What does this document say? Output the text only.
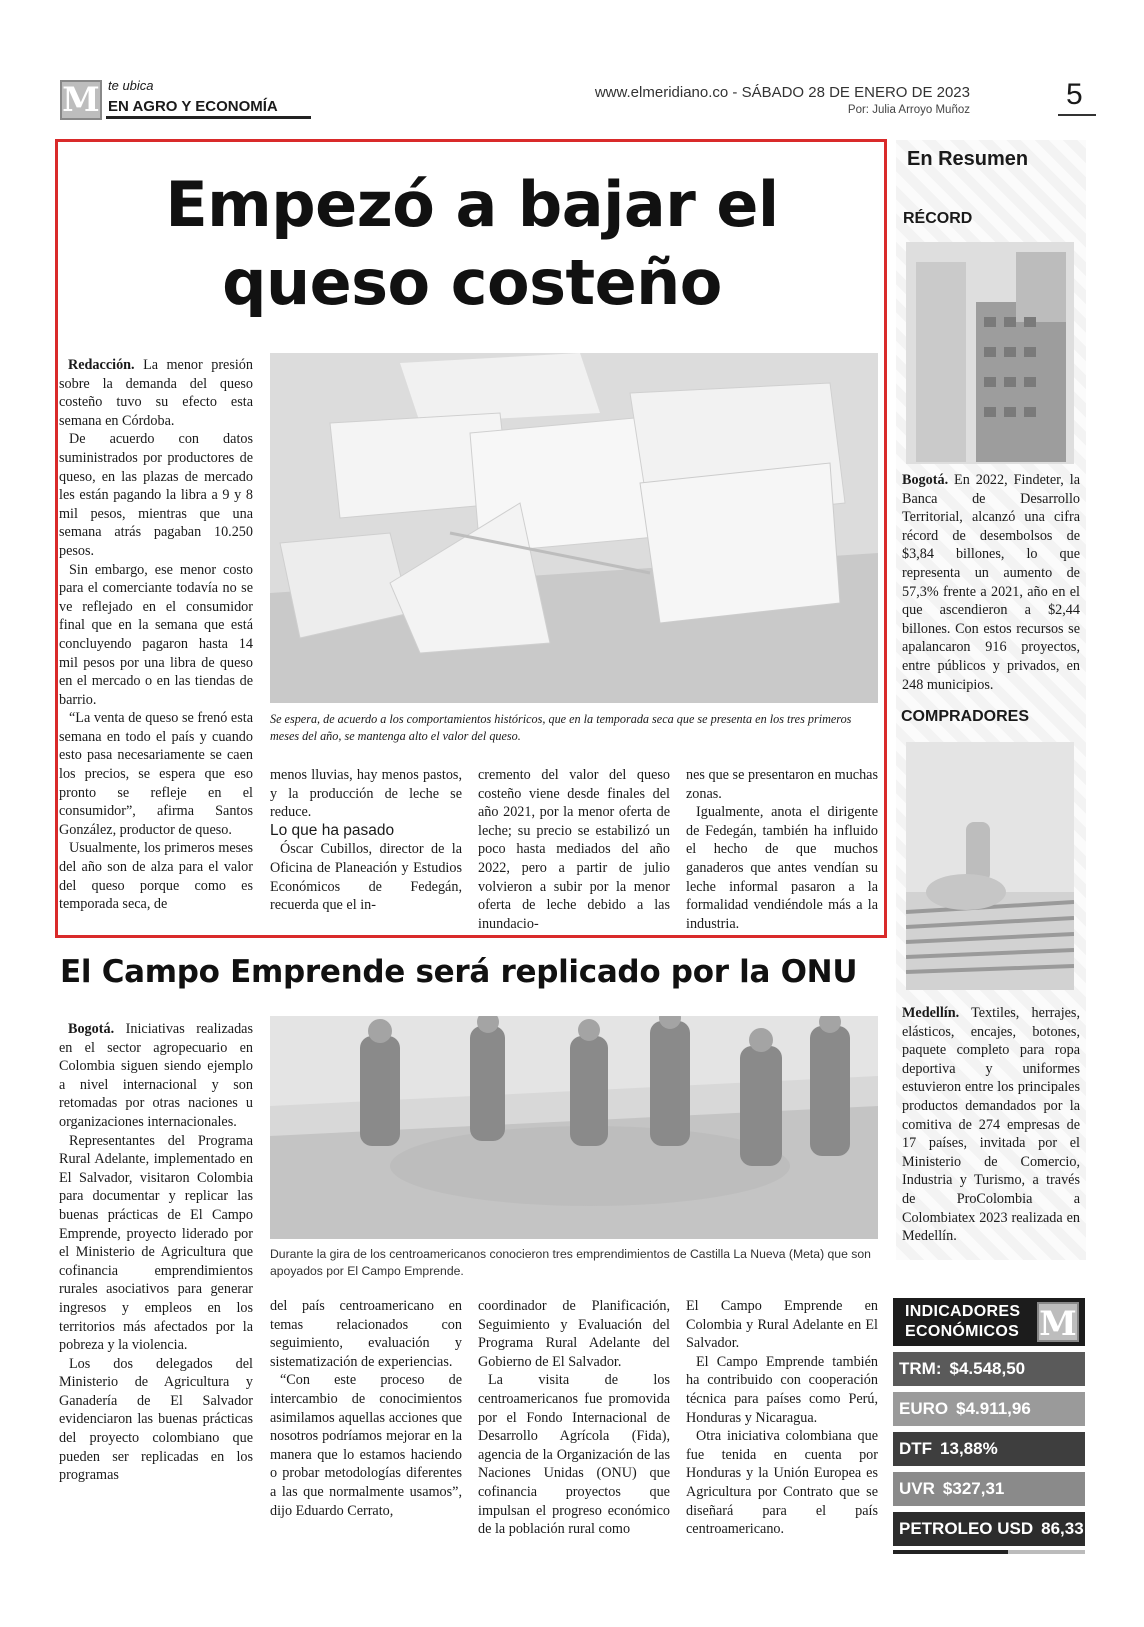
M te ubica
EN AGRO Y ECONOMÍA
www.elmeridiano.co - SÁBADO 28 DE ENERO DE 2023
Por: Julia Arroyo Muñoz	5
Empezó a bajar el
queso costeño
Se espera, de acuerdo a los comportamientos históricos, que en la temporada seca que se presenta en los tres primeros meses del año, se mantenga alto el valor del queso.

Redacción. La menor presión sobre la demanda del queso costeño tuvo su efecto esta semana en Córdoba.

De acuerdo con datos suministrados por productores de queso, en las plazas de mercado les están pagando la libra a 9 y 8 mil pesos, mientras que una semana atrás pagaban 10.250 pesos.

Sin embargo, ese menor costo para el comerciante todavía no se ve reflejado en el consumidor final que en la semana que está concluyendo pagaron hasta 14 mil pesos por una libra de queso en el mercado o en las tiendas de barrio.

“La venta de queso se frenó esta semana en todo el país y cuando esto pasa necesariamente se caen los precios, se espera que eso pronto se refleje en el consumidor”, afirma Santos González, productor de queso.

Usualmente, los primeros meses del año son de alza para el valor del queso porque como es temporada seca, de

menos lluvias, hay menos pastos, y la producción de leche se reduce.

Lo que ha pasado

Óscar Cubillos, director de la Oficina de Planeación y Estudios Económicos de Fedegán, recuerda que el in-

cremento del valor del queso costeño viene desde finales del año 2021, por la menor oferta de leche; su precio se estabilizó un poco hasta mediados del año 2022, pero a partir de julio volvieron a subir por la menor oferta de leche debido a las inundacio-

nes que se presentaron en muchas zonas.

Igualmente, anota el dirigente de Fedegán, también ha influido el hecho de que muchos ganaderos que antes vendían su leche informal pasaron a la formalidad vendiéndole más a la industria.

El Campo Emprende será replicado por la ONU
Durante la gira de los centroamericanos conocieron tres emprendimientos de Castilla La Nueva (Meta) que son apoyados por El Campo Emprende.

Bogotá. Iniciativas realizadas en el sector agropecuario en Colombia siguen siendo ejemplo a nivel internacional y son retomadas por otras naciones u organizaciones internacionales.

Representantes del Programa Rural Adelante, implementado en El Salvador, visitaron Colombia para documentar y replicar las buenas prácticas de El Campo Emprende, proyecto liderado por el Ministerio de Agricultura que cofinancia emprendimientos rurales asociativos para generar ingresos y empleos en los territorios más afectados por la pobreza y la violencia.

Los dos delegados del Ministerio de Agricultura y Ganadería de El Salvador evidenciaron las buenas prácticas del proyecto colombiano que pueden ser replicadas en los programas

del país centroamericano en temas relacionados con seguimiento, evaluación y sistematización de experiencias.

“Con este proceso de intercambio de conocimientos asimilamos aquellas acciones que nosotros podríamos mejorar en la manera que lo estamos haciendo o probar metodologías diferentes a las que normalmente usamos”, dijo Eduardo Cerrato,

coordinador de Planificación, Seguimiento y Evaluación del Programa Rural Adelante del Gobierno de El Salvador.

La visita de los centroamericanos fue promovida por el Fondo Internacional de Desarrollo Agrícola (Fida), agencia de la Organización de las Naciones Unidas (ONU) que cofinancia proyectos que impulsan el progreso económico de la población rural como

El Campo Emprende en Colombia y Rural Adelante en El Salvador.

El Campo Emprende también ha contribuido con cooperación técnica para países como Perú, Honduras y Nicaragua.

Otra iniciativa colombiana que fue tenida en cuenta por Honduras y la Unión Europea es Agricultura por Contrato que se diseñará para el país centroamericano.

En Resumen
RÉCORD

Bogotá. En 2022, Findeter, la Banca de Desarrollo Territorial, alcanzó una cifra récord de desembolsos de $3,84 billones, lo que representa un aumento de 57,3% frente a 2021, año en el que ascendieron a $2,44 billones. Con estos recursos se apalancaron 916 proyectos, entre públicos y privados, en 248 municipios.

COMPRADORES

Medellín. Textiles, herrajes, elásticos, encajes, botones, paquete completo para ropa deportiva y uniformes estuvieron entre los principales productos demandados por la comitiva de 274 empresas de 17 países, invitada por el Ministerio de Comercio, Industria y Turismo, a través de ProColombia a Colombiatex 2023 realizada en Medellín.

INDICADORES
ECONÓMICOS M
TRM: $4.548,50
EURO $4.911,96
DTF 13,88%
UVR $327,31
PETROLEO USD 86,33
